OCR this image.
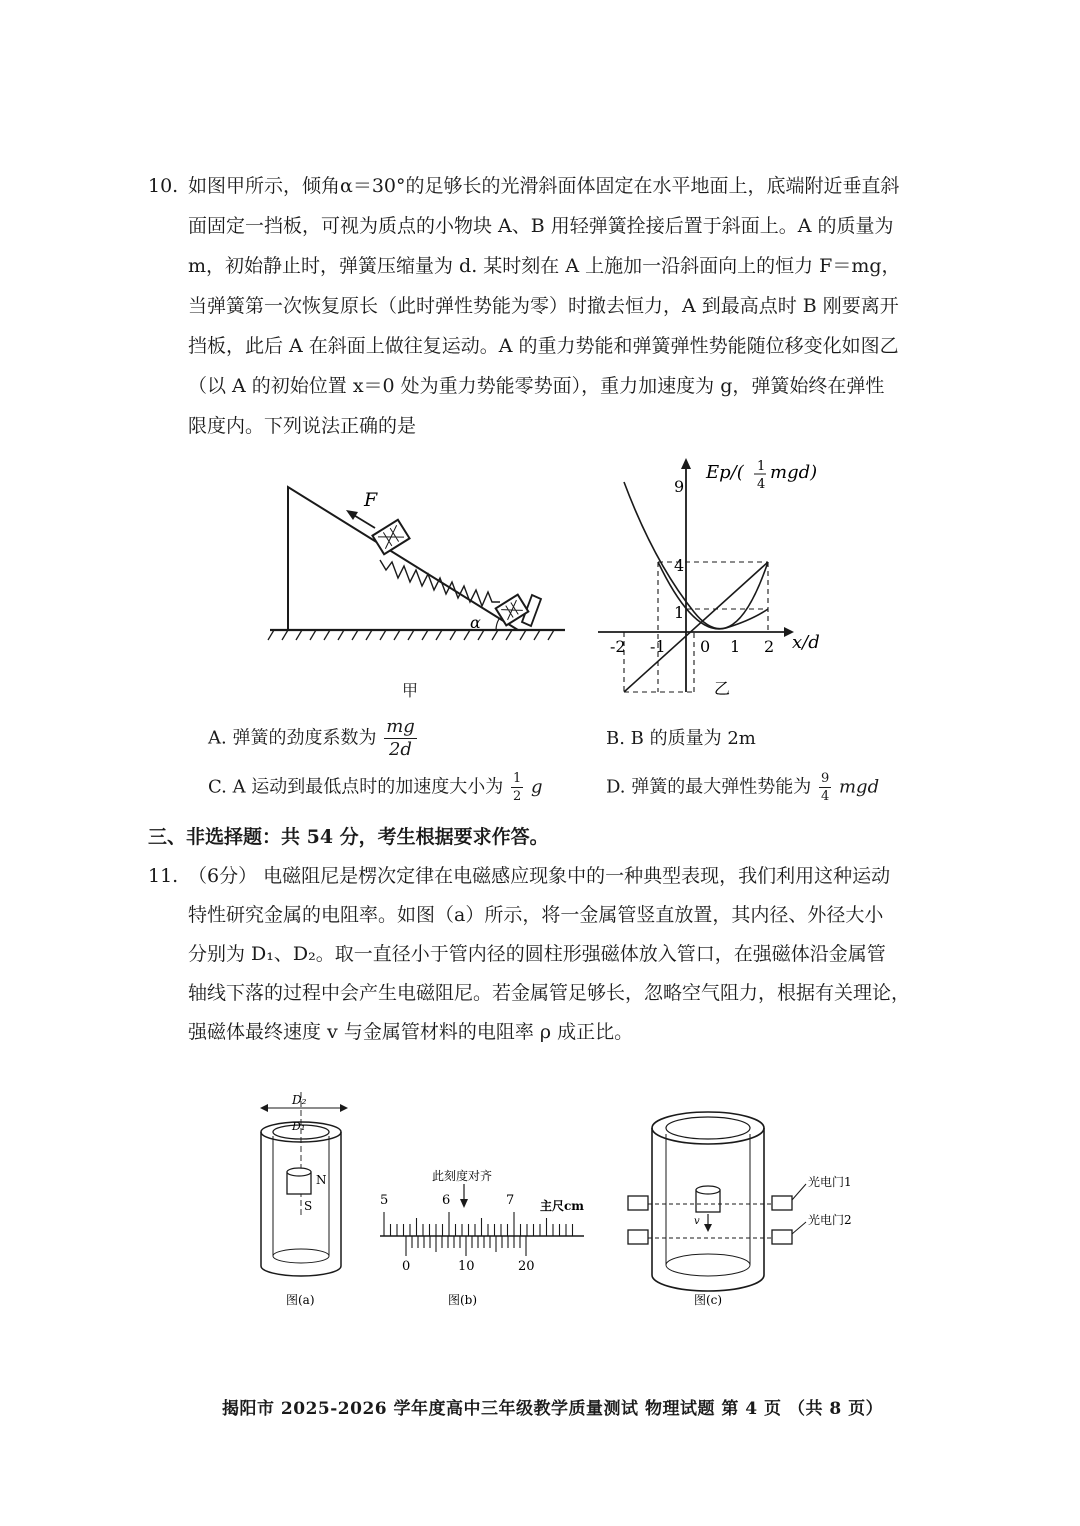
10. 如图甲所示，倾角α＝30°的足够长的光滑斜面体固定在水平地面上，底端附近垂直斜
面固定一挡板，可视为质点的小物块 A、B 用轻弹簧拴接后置于斜面上。A 的质量为
m，初始静止时，弹簧压缩量为 d. 某时刻在 A 上施加一沿斜面向上的恒力 F＝mg，
当弹簧第一次恢复原长（此时弹性势能为零）时撤去恒力，A 到最高点时 B 刚要离开
挡板，此后 A 在斜面上做往复运动。A 的重力势能和弹簧弹性势能随位移变化如图乙
（以 A 的初始位置 x＝0 处为重力势能零势面），重力加速度为 g，弹簧始终在弹性
限度内。下列说法正确的是
α
F
甲
Ep/( 1
4
mgd)
x/d
9
4
1
-2 -1 0 1 2
乙
A. 弹簧的劲度系数为 $\frac{mg}{2d}$	B. B 的质量为 2m
C. A 运动到最低点时的加速度大小为 $\frac{1}{2}$ g	D. 弹簧的最大弹性势能为 $\frac{9}{4}$ mgd
三、非选择题：共 54 分，考生根据要求作答。
11. （6分） 电磁阻尼是楞次定律在电磁感应现象中的一种典型表现，我们利用这种运动
特性研究金属的电阻率。如图（a）所示，将一金属管竖直放置，其内径、外径大小
分别为 D₁、D₂。取一直径小于管内径的圆柱形强磁体放入管口，在强磁体沿金属管
轴线下落的过程中会产生电磁阻尼。若金属管足够长，忽略空气阻力，根据有关理论，
强磁体最终速度 v 与金属管材料的电阻率 ρ 成正比。
D₂
D₁
N
S
图(a)
此刻度对齐
5	6	7 主尺cm
0	10	20
图(b)
v
光电门1
光电门2
图(c)
揭阳市 2025-2026 学年度高中三年级教学质量测试 物理试题 第 4 页 （共 8 页）
